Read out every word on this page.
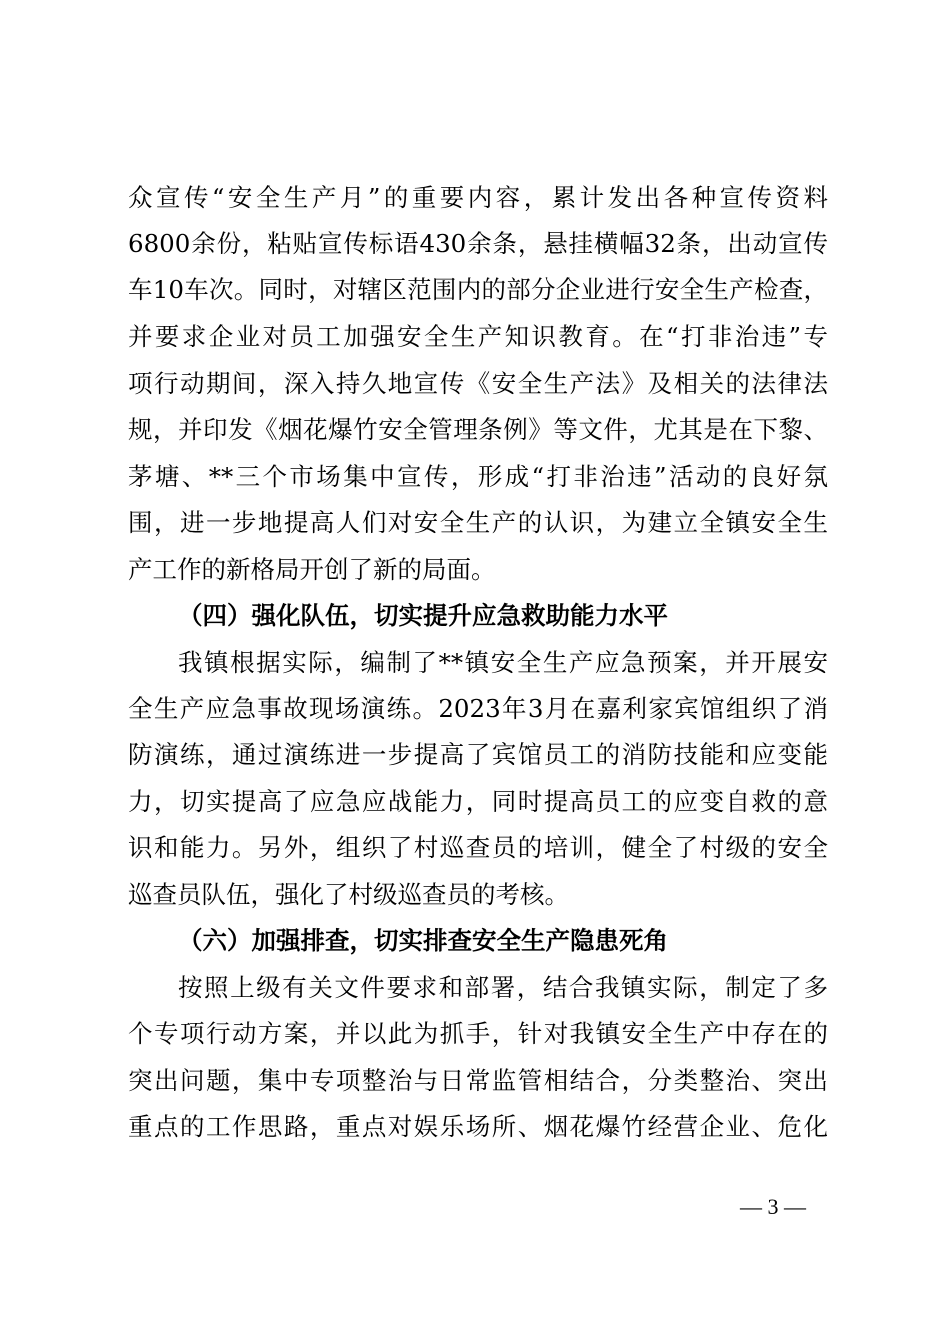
众宣传“安全生产月”的重要内容，累计发出各种宣传资料
6800余份，粘贴宣传标语430余条，悬挂横幅32条，出动宣传
车10车次。同时，对辖区范围内的部分企业进行安全生产检查，
并要求企业对员工加强安全生产知识教育。在“打非治违”专
项行动期间，深入持久地宣传《安全生产法》及相关的法律法
规，并印发《烟花爆竹安全管理条例》等文件，尤其是在下黎、
茅塘、**三个市场集中宣传，形成“打非治违”活动的良好氛
围，进一步地提高人们对安全生产的认识，为建立全镇安全生
产工作的新格局开创了新的局面。
（四）强化队伍，切实提升应急救助能力水平
我镇根据实际，编制了**镇安全生产应急预案，并开展安
全生产应急事故现场演练。2023年3月在嘉利家宾馆组织了消
防演练，通过演练进一步提高了宾馆员工的消防技能和应变能
力，切实提高了应急应战能力，同时提高员工的应变自救的意
识和能力。另外，组织了村巡查员的培训，健全了村级的安全
巡查员队伍，强化了村级巡查员的考核。
（六）加强排查，切实排查安全生产隐患死角
按照上级有关文件要求和部署，结合我镇实际，制定了多
个专项行动方案，并以此为抓手，针对我镇安全生产中存在的
突出问题，集中专项整治与日常监管相结合，分类整治、突出
重点的工作思路，重点对娱乐场所、烟花爆竹经营企业、危化
— 3 —
